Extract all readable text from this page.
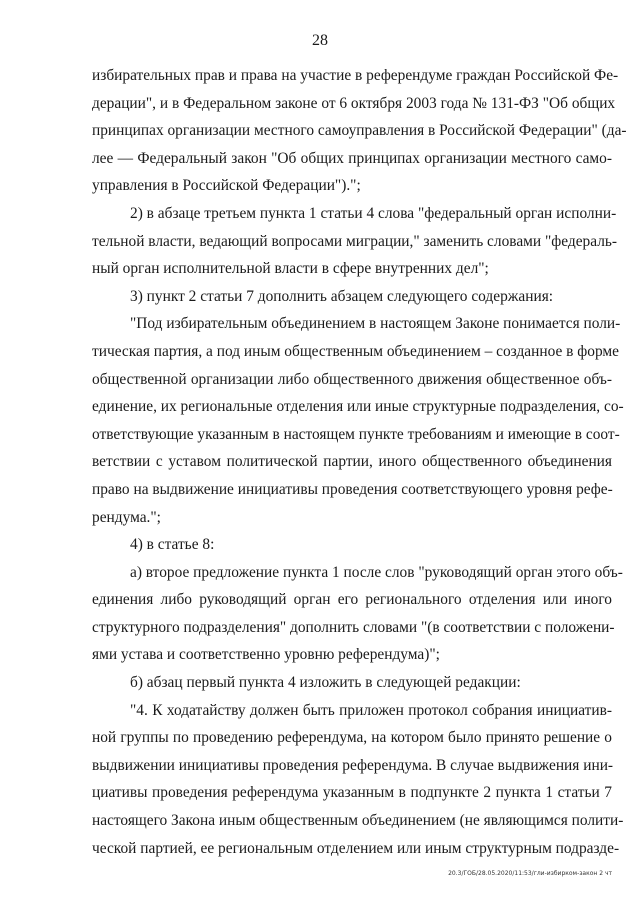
28

избирательных прав и права на участие в референдуме граждан Российской Фе-
дерации", и в Федеральном законе от 6 октября 2003 года № 131-ФЗ "Об общих
принципах организации местного самоуправления в Российской Федерации" (да-
лее — Федеральный закон "Об общих принципах организации местного само-
управления в Российской Федерации").";

2) в абзаце третьем пункта 1 статьи 4 слова "федеральный орган исполни-
тельной власти, ведающий вопросами миграции," заменить словами "федераль-
ный орган исполнительной власти в сфере внутренних дел";

3) пункт 2 статьи 7 дополнить абзацем следующего содержания:

"Под избирательным объединением в настоящем Законе понимается поли-
тическая партия, а под иным общественным объединением – созданное в форме
общественной организации либо общественного движения общественное объ-
единение, их региональные отделения или иные структурные подразделения, со-
ответствующие указанным в настоящем пункте требованиям и имеющие в соот-
ветствии с уставом политической партии, иного общественного объединения
право на выдвижение инициативы проведения соответствующего уровня рефе-
рендума.";

4) в статье 8:

а) второе предложение пункта 1 после слов "руководящий орган этого объ-
единения либо руководящий орган его регионального отделения или иного
структурного подразделения" дополнить словами "(в соответствии с положени-
ями устава и соответственно уровню референдума)";

б) абзац первый пункта 4 изложить в следующей редакции:

"4. К ходатайству должен быть приложен протокол собрания инициатив-
ной группы по проведению референдума, на котором было принято решение о
выдвижении инициативы проведения референдума. В случае выдвижения ини-
циативы проведения референдума указанным в подпункте 2 пункта 1 статьи 7
настоящего Закона иным общественным объединением (не являющимся полити-
ческой партией, ее региональным отделением или иным структурным подразде-

20.3/ГОБ/28.05.2020/11:53/гли-избирком-закон 2 чт
